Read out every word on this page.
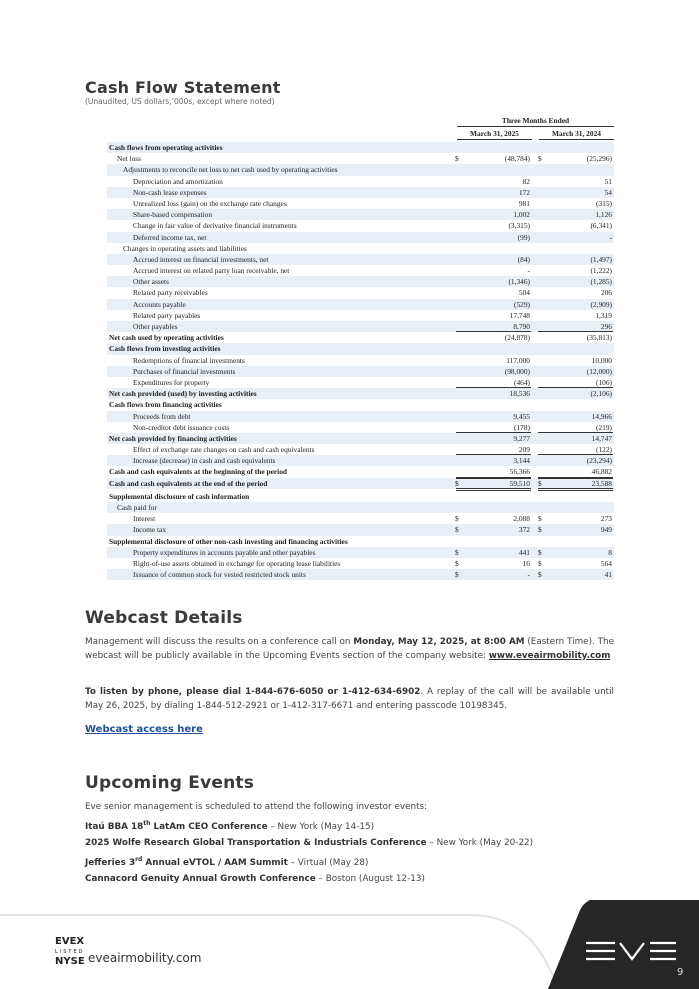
Cash Flow Statement
(Unaudited, US dollars,’000s, except where noted)
Three Months Ended
March 31, 2025	March 31, 2024
Cash flows from operating activities
Net loss	$	(48,784) $	(25,296)
Adjustments to reconcile net loss to net cash used by operating activities
Depreciation and amortization	82	51
Non-cash lease expenses	172	54
Unrealized loss (gain) on the exchange rate changes	981	(315)
Share-based compensation	1,002	1,126
Change in fair value of derivative financial instruments	(3,315)	(6,341)
Deferred income tax, net	(99)	-
Changes in operating assets and liabilities
Accrued interest on financial investments, net	(84)	(1,497)
Accrued interest on related party loan receivable, net	-	(1,222)
Other assets	(1,346)	(1,285)
Related party receivables	504	206
Accounts payable	(529)	(2,909)
Related party payables	17,748	1,319
Other payables	8,790	296
Net cash used by operating activities	(24,878)	(35,813)
Cash flows from investing activities
Redemptions of financial investments	117,000	10,000
Purchases of financial investments	(98,000)	(12,000)
Expenditures for property	(464)	(106)
Net cash provided (used) by investing activities	18,536	(2,106)
Cash flows from financing activities
Proceeds from debt	9,455	14,966
Non-creditor debt issuance costs	(178)	(219)
Net cash provided by financing activities	9,277	14,747
Effect of exchange rate changes on cash and cash equivalents	209	(122)
Increase (decrease) in cash and cash equivalents	3,144	(23,294)
Cash and cash equivalents at the beginning of the period	56,366	46,882
Cash and cash equivalents at the end of the period	$	59,510 $	23,588
Supplemental disclosure of cash information
Cash paid for
Interest	$	2,088 $	273
Income tax	$	372 $	949
Supplemental disclosure of other non-cash investing and financing activities
Property expenditures in accounts payable and other payables	$	441 $	8
Right-of-use assets obtained in exchange for operating lease liabilities	$	16 $	564
Issuance of common stock for vested restricted stock units	$	- $	41
Webcast Details

Management will discuss the results on a conference call on Monday, May 12, 2025, at 8:00 AM (Eastern Time). The webcast will be publicly available in the Upcoming Events section of the company website: www.eveairmobility.com

To listen by phone, please dial 1-844-676-6050 or 1-412-634-6902. A replay of the call will be available until May 26, 2025, by dialing 1-844-512-2921 or 1-412-317-6671 and entering passcode 10198345.

Webcast access here
Upcoming Events
Eve senior management is scheduled to attend the following investor events:
Itaú BBA 18th LatAm CEO Conference – New York (May 14-15)
2025 Wolfe Research Global Transportation & Industrials Conference – New York (May 20-22)
Jefferies 3rd Annual eVTOL / AAM Summit – Virtual (May 28)
Cannacord Genuity Annual Growth Conference – Boston (August 12-13)
EVEX
LISTED
NYSE eveairmobility.com
9
